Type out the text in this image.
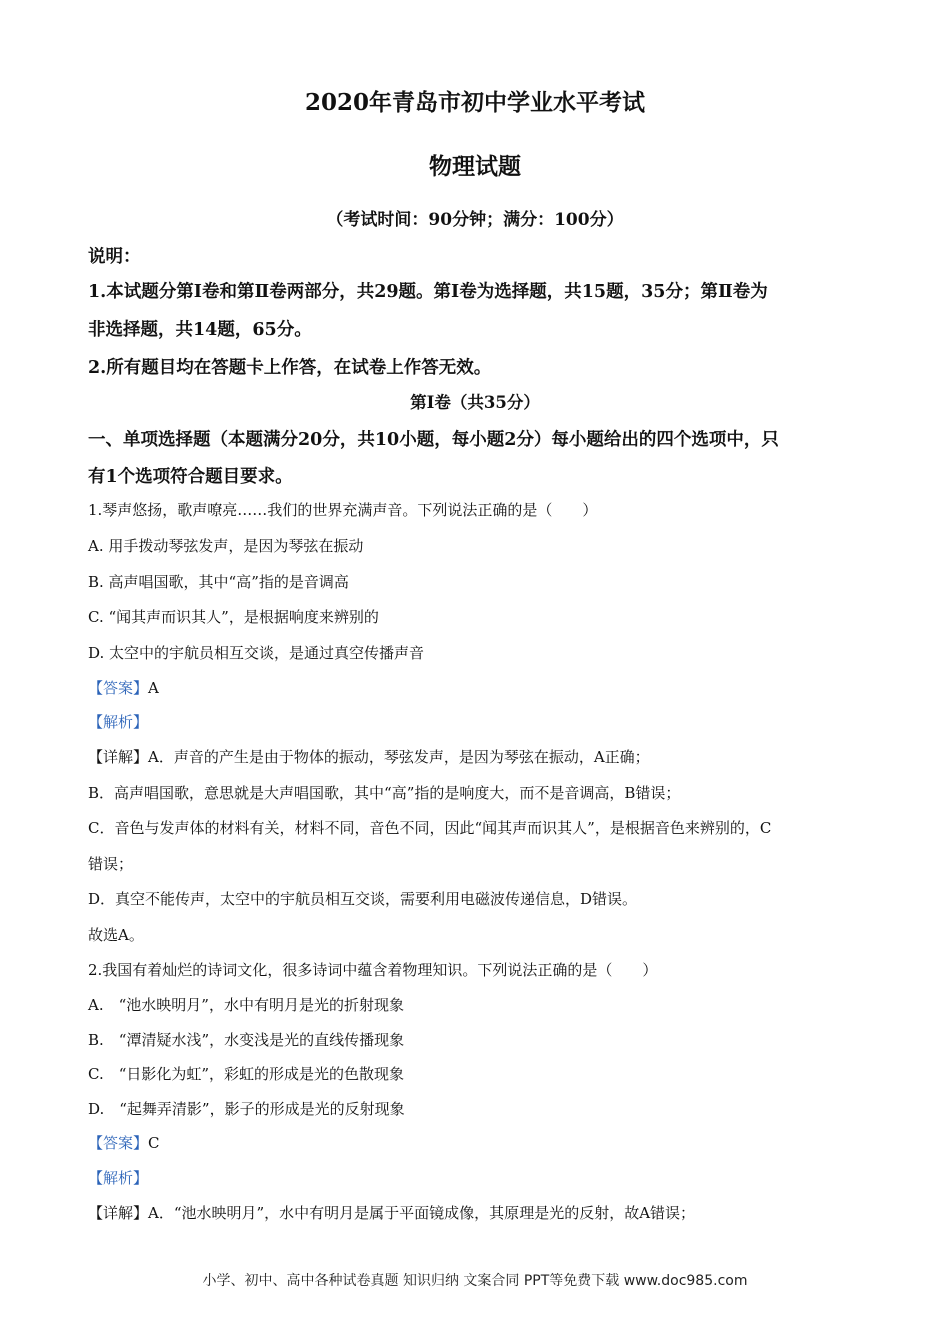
2020年青岛市初中学业水平考试
物理试题
（考试时间：90分钟；满分：100分）
说明：
1.本试题分第Ⅰ卷和第Ⅱ卷两部分，共29题。第Ⅰ卷为选择题，共15题，35分；第Ⅱ卷为
非选择题，共14题，65分。
2.所有题目均在答题卡上作答，在试卷上作答无效。
第Ⅰ卷（共35分）
一、单项选择题（本题满分20分，共10小题，每小题2分）每小题给出的四个选项中，只
有1个选项符合题目要求。
1.琴声悠扬，歌声嘹亮……我们的世界充满声音。下列说法正确的是（　　）
A. 用手拨动琴弦发声，是因为琴弦在振动
B. 高声唱国歌，其中“高”指的是音调高
C. “闻其声而识其人”，是根据响度来辨别的
D. 太空中的宇航员相互交谈，是通过真空传播声音
【答案】A
【解析】
【详解】A．声音的产生是由于物体的振动，琴弦发声，是因为琴弦在振动，A正确；
B．高声唱国歌，意思就是大声唱国歌，其中“高”指的是响度大，而不是音调高，B错误；
C．音色与发声体的材料有关，材料不同，音色不同，因此“闻其声而识其人”，是根据音色来辨别的，C
错误；
D．真空不能传声，太空中的宇航员相互交谈，需要利用电磁波传递信息，D错误。
故选A。
2.我国有着灿烂的诗词文化，很多诗词中蕴含着物理知识。下列说法正确的是（　　）
A.　“池水映明月”，水中有明月是光的折射现象
B.　“潭清疑水浅”，水变浅是光的直线传播现象
C.　“日影化为虹”，彩虹的形成是光的色散现象
D.　“起舞弄清影”，影子的形成是光的反射现象
【答案】C
【解析】
【详解】A．“池水映明月”，水中有明月是属于平面镜成像，其原理是光的反射，故A错误；
小学、初中、高中各种试卷真题 知识归纳 文案合同 PPT等免费下载 www.doc985.com
